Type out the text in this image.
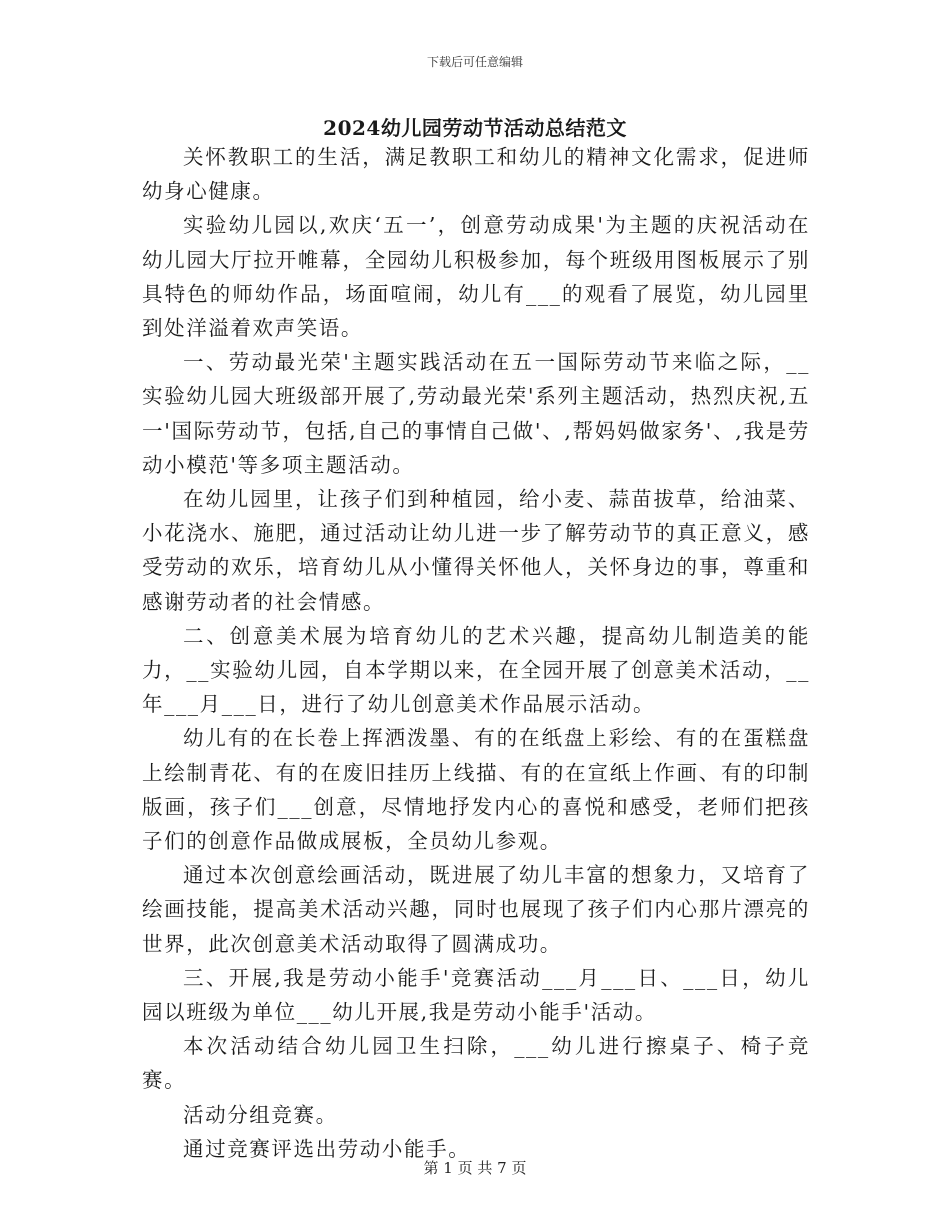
下载后可任意编辑
2024幼儿园劳动节活动总结范文

关怀教职工的生活，满足教职工和幼儿的精神文化需求，促进师幼身心健康。

实验幼儿园以,欢庆‘五一’，创意劳动成果'为主题的庆祝活动在幼儿园大厅拉开帷幕，全园幼儿积极参加，每个班级用图板展示了别具特色的师幼作品，场面喧闹，幼儿有___的观看了展览，幼儿园里到处洋溢着欢声笑语。

一、劳动最光荣'主题实践活动在五一国际劳动节来临之际，__实验幼儿园大班级部开展了,劳动最光荣'系列主题活动，热烈庆祝,五一'国际劳动节，包括,自己的事情自己做'、,帮妈妈做家务'、,我是劳动小模范'等多项主题活动。

在幼儿园里，让孩子们到种植园，给小麦、蒜苗拔草，给油菜、小花浇水、施肥，通过活动让幼儿进一步了解劳动节的真正意义，感受劳动的欢乐，培育幼儿从小懂得关怀他人，关怀身边的事，尊重和感谢劳动者的社会情感。

二、创意美术展为培育幼儿的艺术兴趣，提高幼儿制造美的能力，__实验幼儿园，自本学期以来，在全园开展了创意美术活动，__年___月___日，进行了幼儿创意美术作品展示活动。

幼儿有的在长卷上挥洒泼墨、有的在纸盘上彩绘、有的在蛋糕盘上绘制青花、有的在废旧挂历上线描、有的在宣纸上作画、有的印制版画，孩子们___创意，尽情地抒发内心的喜悦和感受，老师们把孩子们的创意作品做成展板，全员幼儿参观。

通过本次创意绘画活动，既进展了幼儿丰富的想象力，又培育了绘画技能，提高美术活动兴趣，同时也展现了孩子们内心那片漂亮的世界，此次创意美术活动取得了圆满成功。

三、开展,我是劳动小能手'竞赛活动___月___日、___日，幼儿园以班级为单位___幼儿开展,我是劳动小能手'活动。

本次活动结合幼儿园卫生扫除，___幼儿进行擦桌子、椅子竞赛。

活动分组竞赛。

通过竞赛评选出劳动小能手。

第 1 页 共 7 页
